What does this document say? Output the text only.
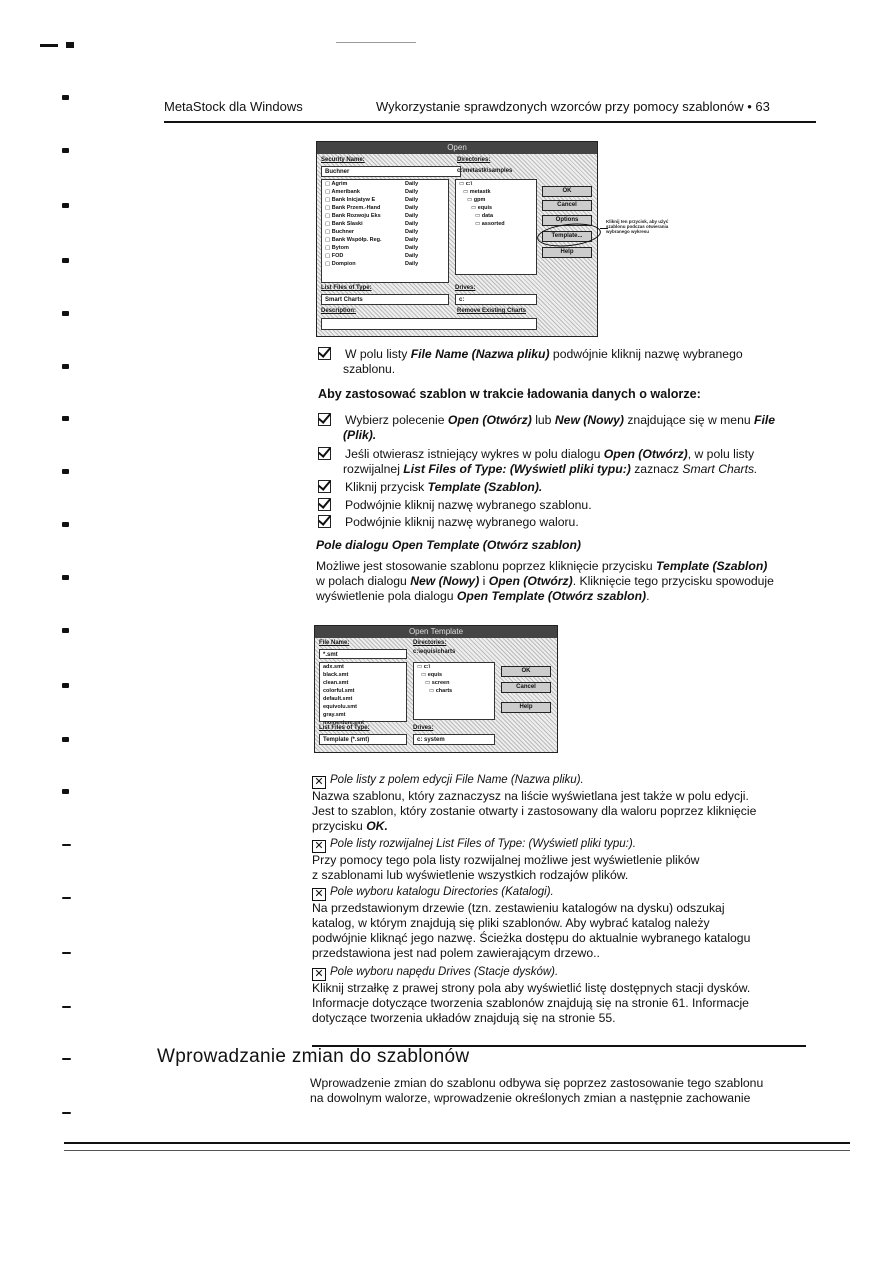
MetaStock dla Windows	Wykorzystanie sprawdzonych wzorców przy pomocy szablonów • 63
Open
Security Name:
Buchner
Directories:
c:\metastk\samples
▢ Agrim	Daily
▢ Ameribank	Daily
▢ Bank Inicjatyw E	Daily
▢ Bank Przem.-Hand	Daily
▢ Bank Rozwoju Eks	Daily
▢ Bank Slaski	Daily
▢ Buchner	Daily
▢ Bank Współp. Reg.	Daily
▢ Bytom	Daily
▢ FOD	Daily
▢ Dompion	Daily
▭ c:\
▭ metastk
▭ gpm
▭ equis
▭ data
▭ assorted
OK
Cancel
Options
Template...
Help
List Files of Type:
Smart Charts
Drives:
c:
Description:	Remove Existing Charts
Kliknij ten przycisk, aby użyć szablonu podczas otwierania wybranego wykresu
W polu listy File Name (Nazwa pliku) podwójnie kliknij nazwę wybranego
szablonu.
Aby zastosować szablon w trakcie ładowania danych o walorze:
Wybierz polecenie Open (Otwórz) lub New (Nowy) znajdujące się w menu File
(Plik).
Jeśli otwierasz istniejący wykres w polu dialogu Open (Otwórz), w polu listy
rozwijalnej List Files of Type: (Wyświetl pliki typu:) zaznacz Smart Charts.
Kliknij przycisk Template (Szablon).
Podwójnie kliknij nazwę wybranego szablonu.
Podwójnie kliknij nazwę wybranego waloru.
Pole dialogu Open Template (Otwórz szablon)
Możliwe jest stosowanie szablonu poprzez kliknięcie przycisku Template (Szablon)
w polach dialogu New (Nowy) i Open (Otwórz). Kliknięcie tego przycisku spowoduje
wyświetlenie pola dialogu Open Template (Otwórz szablon).
Open Template
File Name:
*.smt
Directories:
c:\equis\charts
adx.smt
black.smt
clean.smt
colorful.smt
default.smt
equivolu.smt
gray.smt
momentum.smt
▭ c:\
▭ equis
▭ screen
▭ charts
OK
Cancel
Help
List Files of Type:
Template (*.smt)
Drives:
c: system
✕ Pole listy z polem edycji File Name (Nazwa pliku).
Nazwa szablonu, który zaznaczysz na liście wyświetlana jest także w polu edycji.
Jest to szablon, który zostanie otwarty i zastosowany dla waloru poprzez kliknięcie
przycisku OK.
✕ Pole listy rozwijalnej List Files of Type: (Wyświetl pliki typu:).
Przy pomocy tego pola listy rozwijalnej możliwe jest wyświetlenie plików
z szablonami lub wyświetlenie wszystkich rodzajów plików.
✕ Pole wyboru katalogu Directories (Katalogi).
Na przedstawionym drzewie (tzn. zestawieniu katalogów na dysku) odszukaj
katalog, w którym znajdują się pliki szablonów. Aby wybrać katalog należy
podwójnie kliknąć jego nazwę. Ścieżka dostępu do aktualnie wybranego katalogu
przedstawiona jest nad polem zawierającym drzewo..
✕ Pole wyboru napędu Drives (Stacje dysków).
Kliknij strzałkę z prawej strony pola aby wyświetlić listę dostępnych stacji dysków.
Informacje dotyczące tworzenia szablonów znajdują się na stronie 61. Informacje
dotyczące tworzenia układów znajdują się na stronie 55.
Wprowadzanie zmian do szablonów
Wprowadzenie zmian do szablonu odbywa się poprzez zastosowanie tego szablonu
na dowolnym walorze, wprowadzenie określonych zmian a następnie zachowanie
